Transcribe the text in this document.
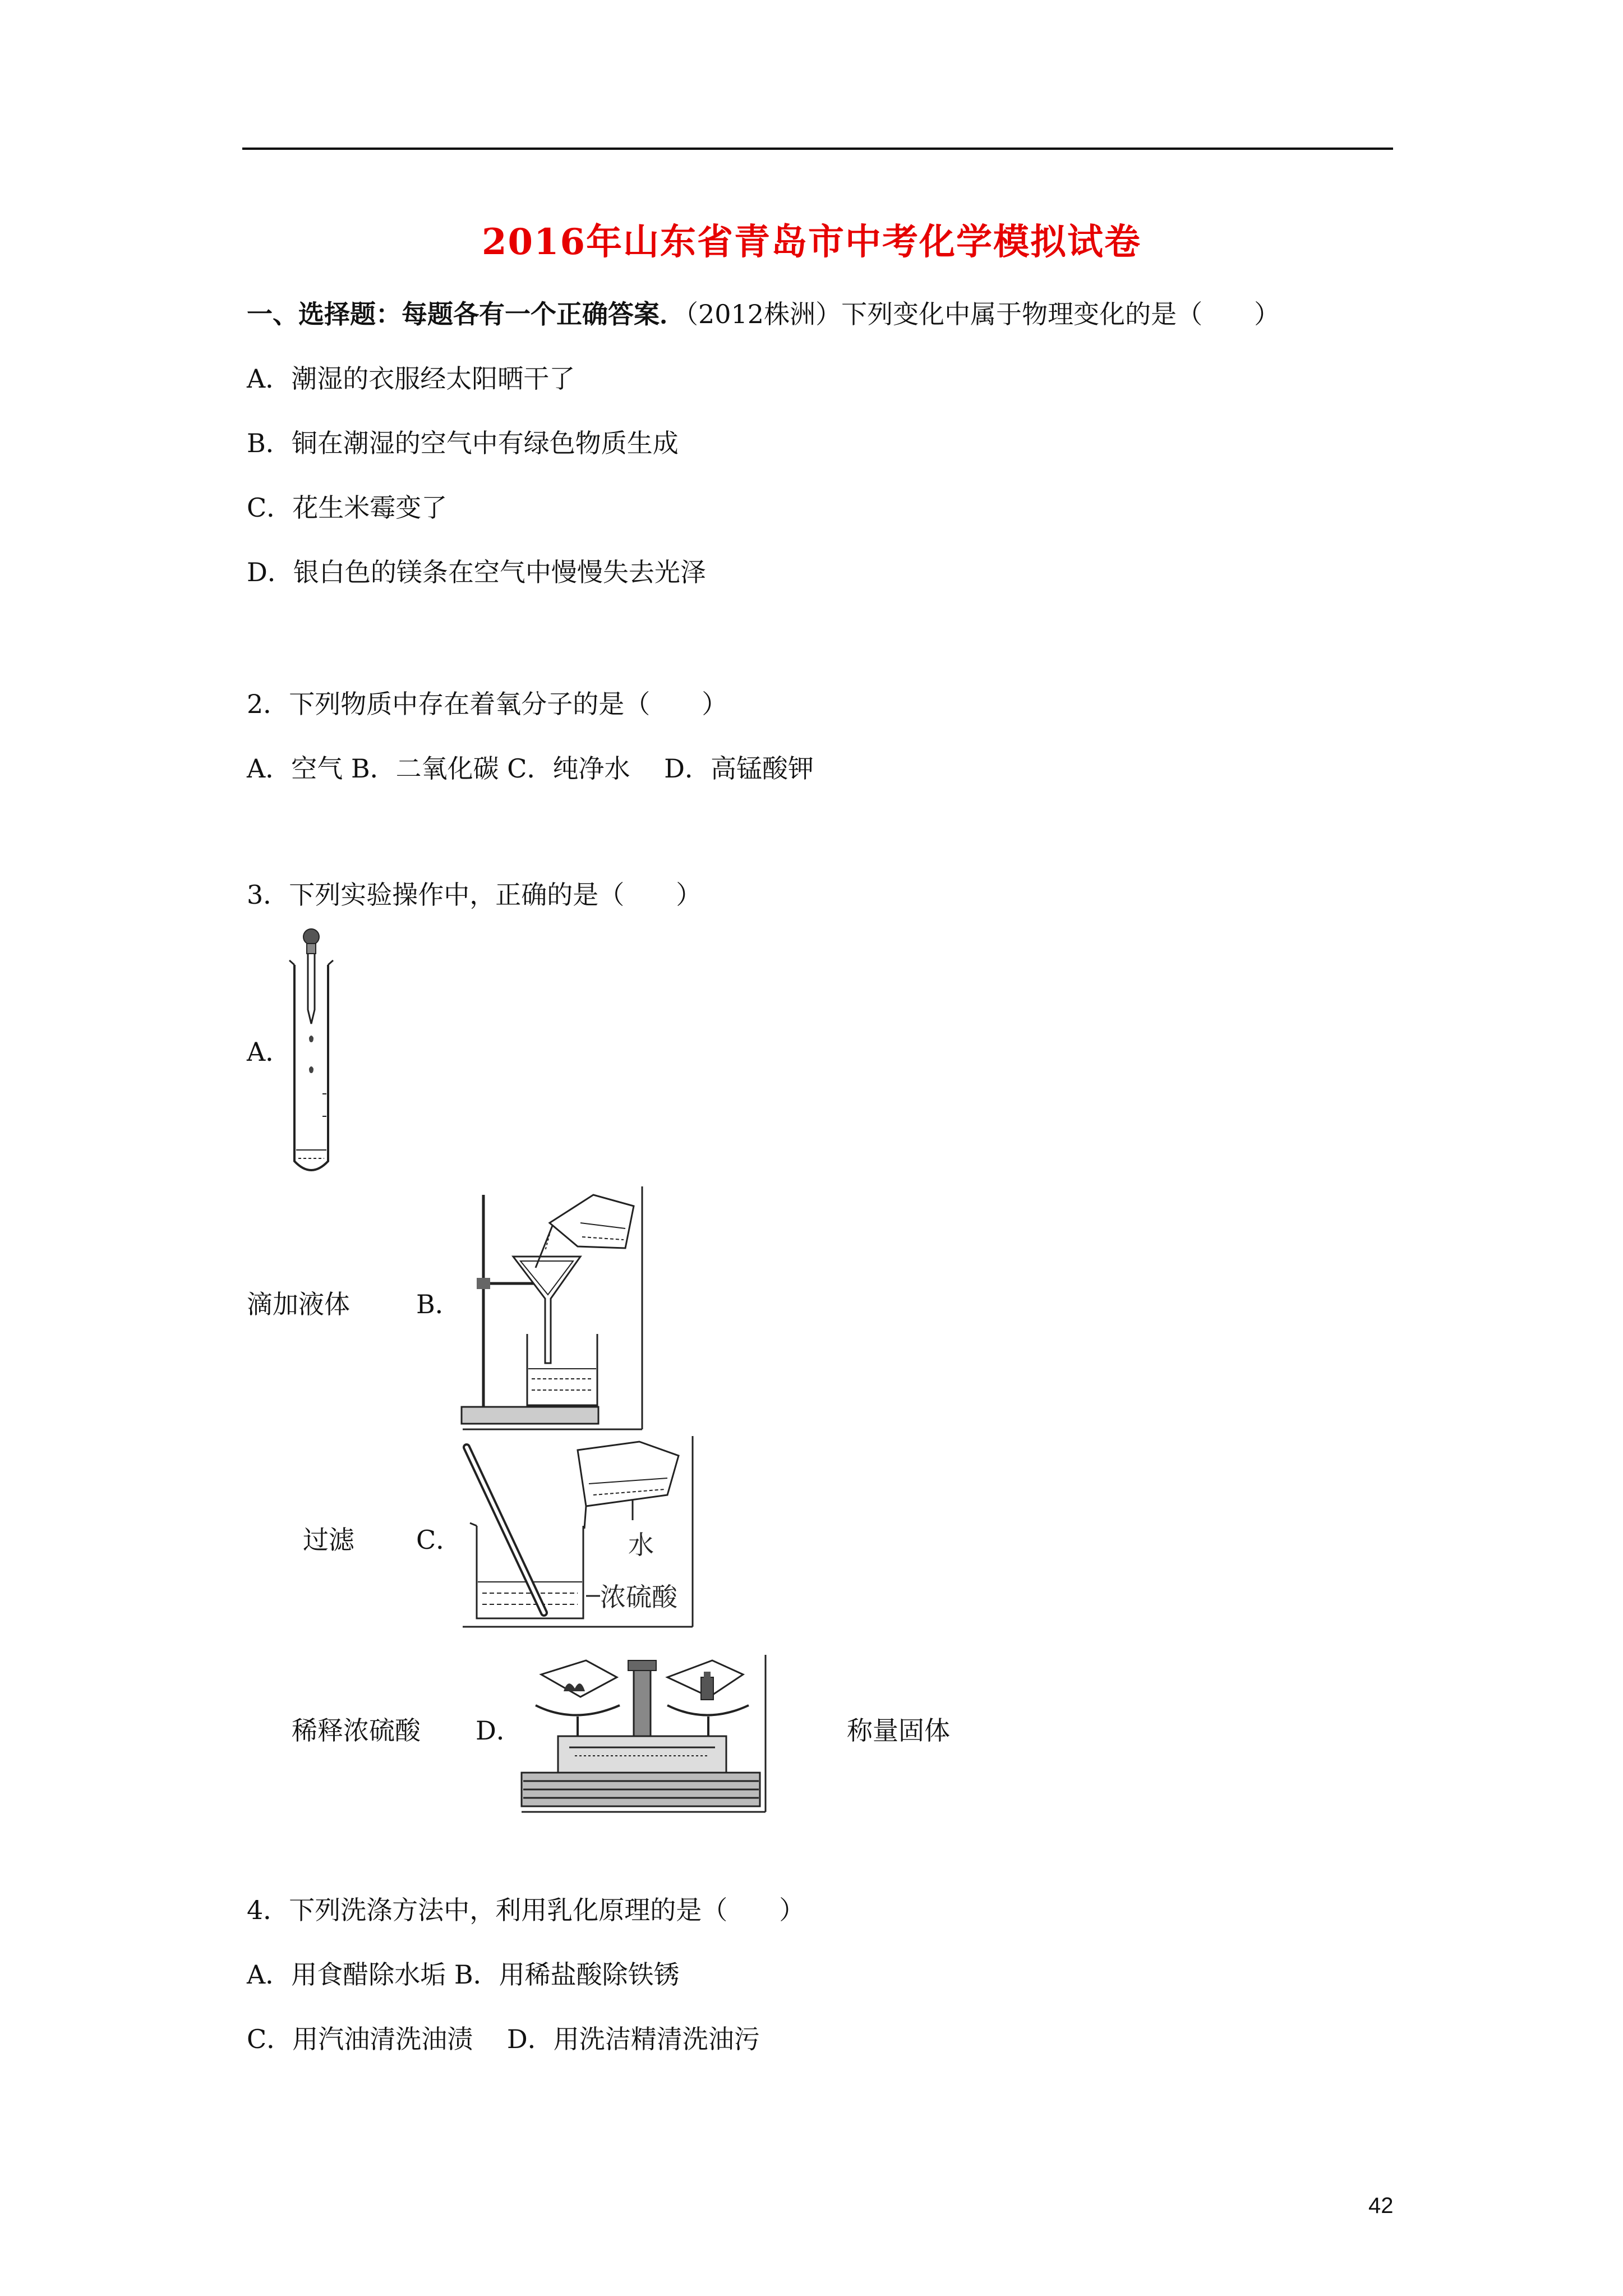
2016年山东省青岛市中考化学模拟试卷
一、选择题：每题各有一个正确答案．（2012株洲）下列变化中属于物理变化的是（　　）
A．潮湿的衣服经太阳晒干了
B．铜在潮湿的空气中有绿色物质生成
C．花生米霉变了
D．银白色的镁条在空气中慢慢失去光泽
2．下列物质中存在着氧分子的是（　　）
A．空气 B．二氧化碳 C．纯净水　 D．高锰酸钾
3．下列实验操作中，正确的是（　　）
A．
滴加液体	B．
过滤 C．	水
浓硫酸
稀释浓硫酸 D．	称量固体
4．下列洗涤方法中，利用乳化原理的是（　　）
A．用食醋除水垢 B．用稀盐酸除铁锈
C．用汽油清洗油渍　 D．用洗洁精清洗油污
42
